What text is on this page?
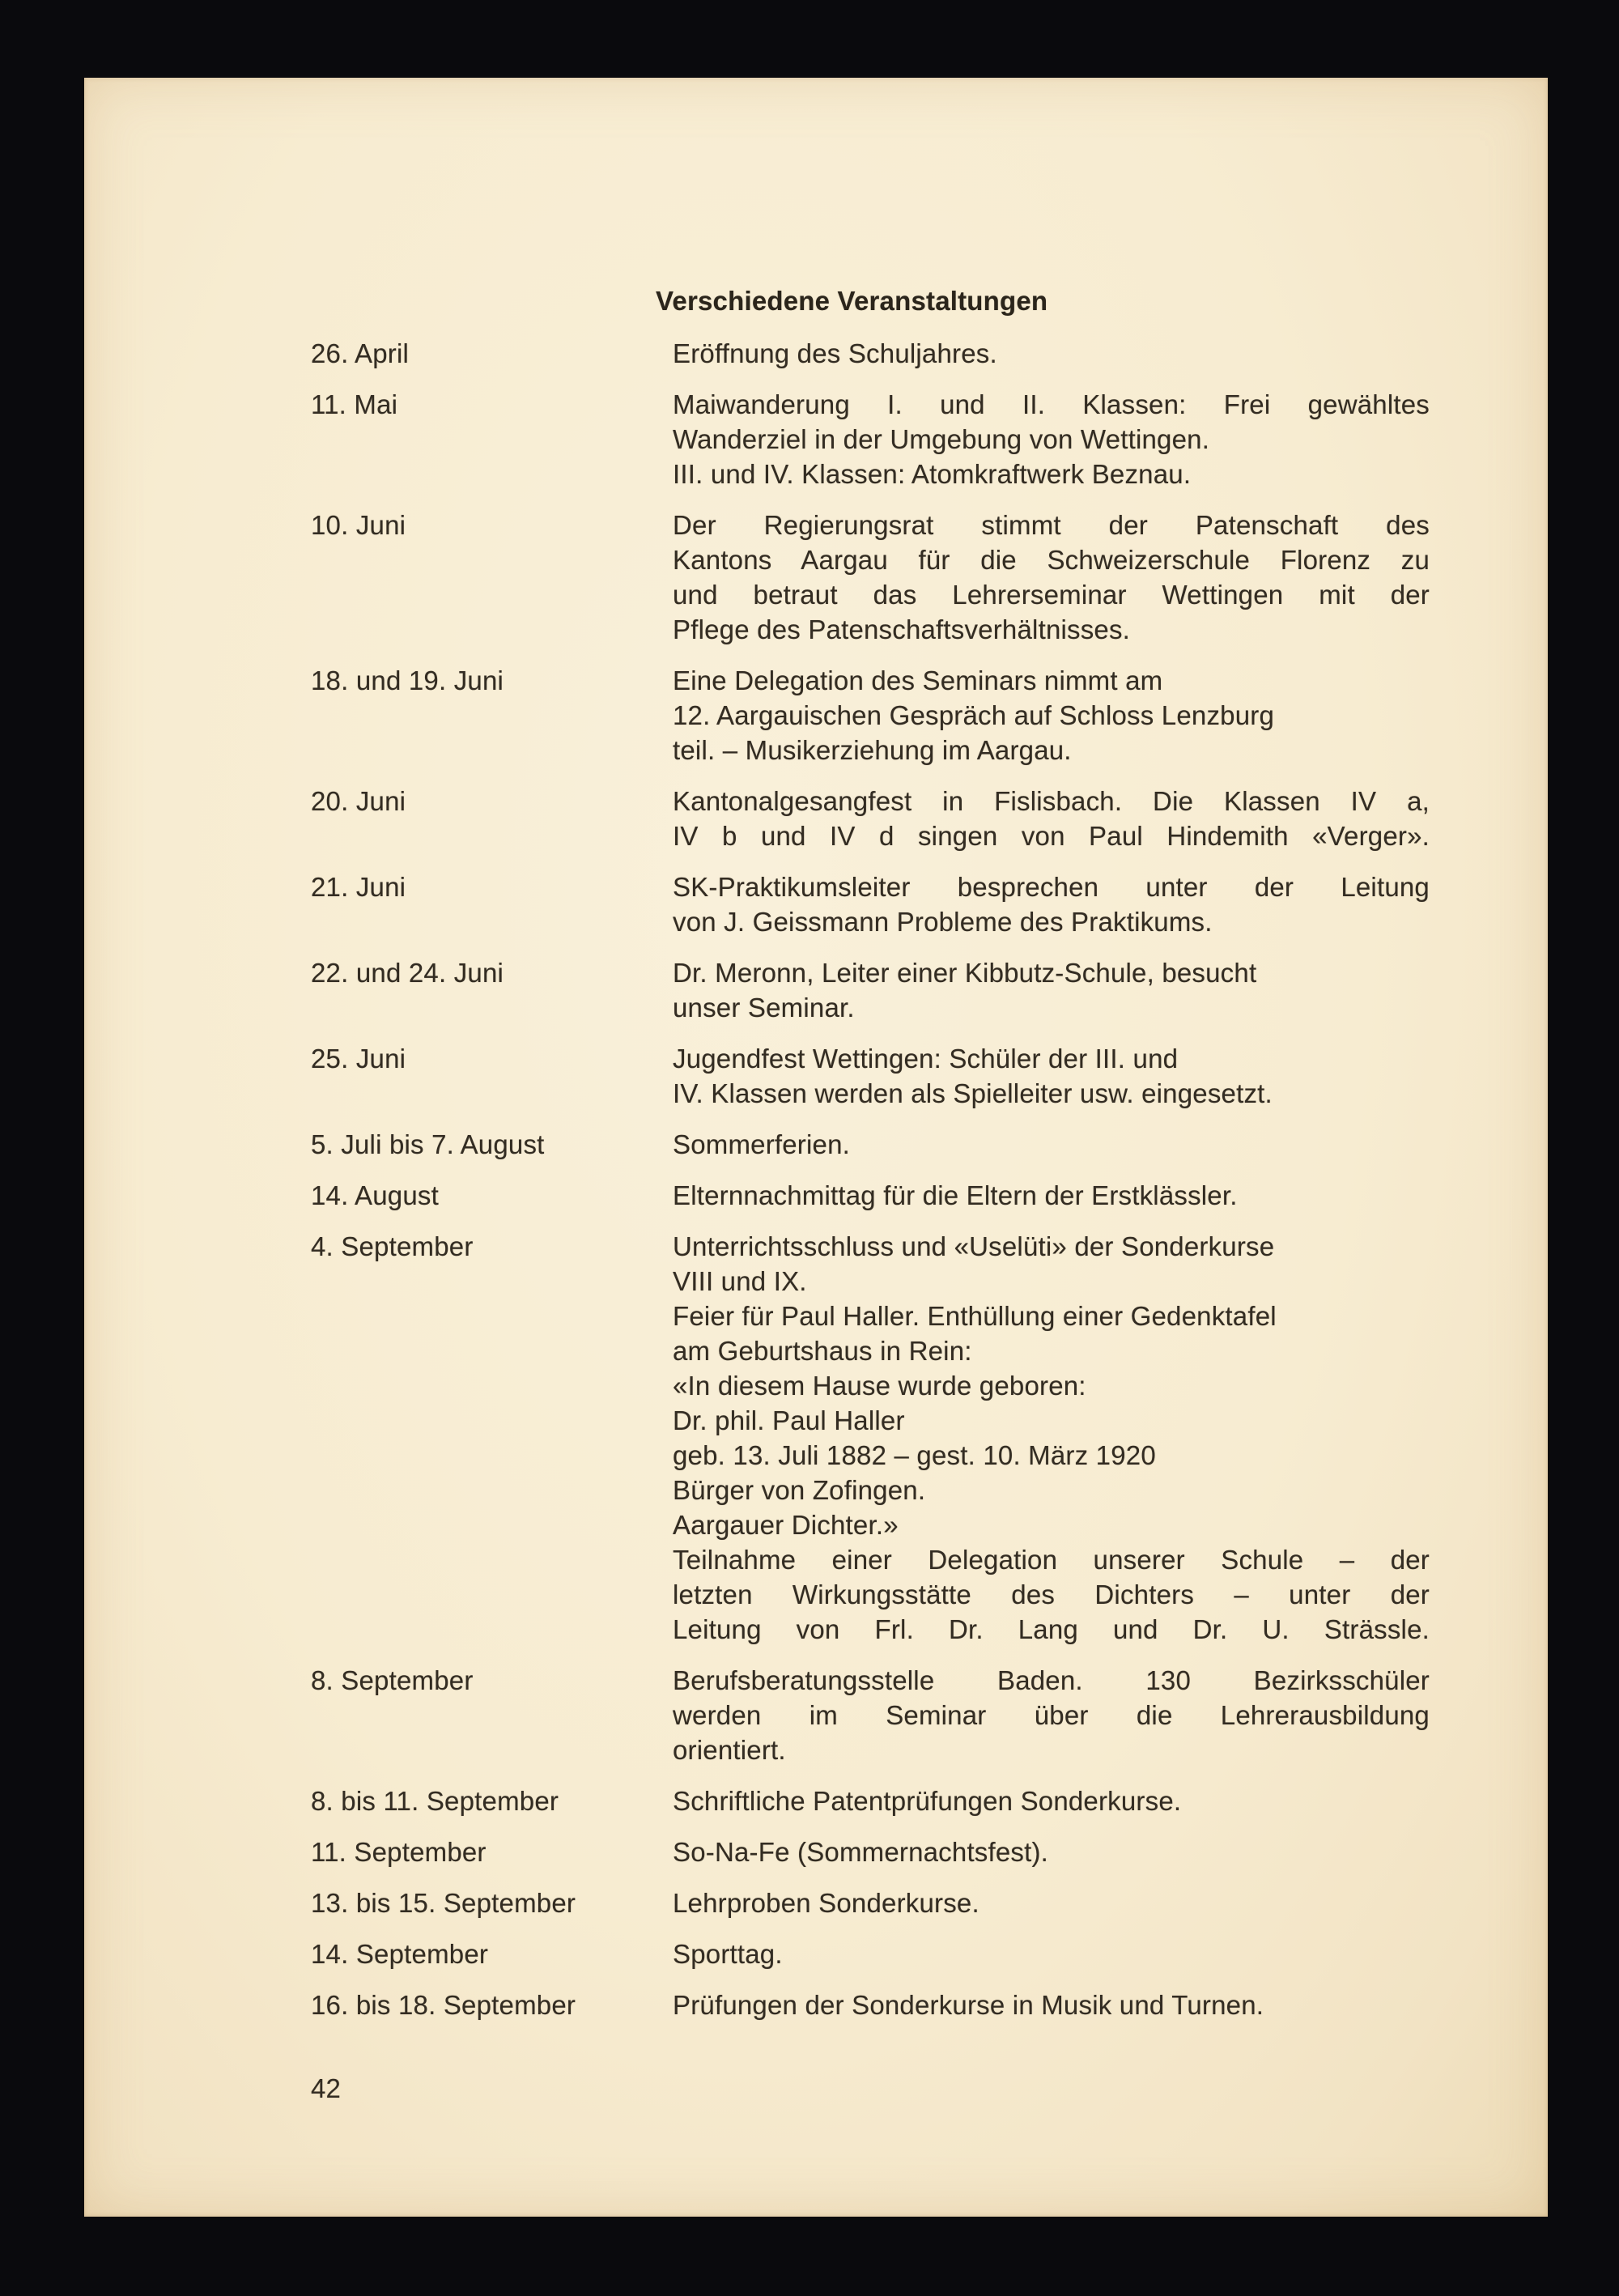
Verschiedene Veranstaltungen
26. April	Eröffnung des Schuljahres.
11. Mai	Maiwanderung I. und II. Klassen: Frei gewähltes
Wanderziel in der Umgebung von Wettingen.
III. und IV. Klassen: Atomkraftwerk Beznau.
10. Juni	Der Regierungsrat stimmt der Patenschaft des
Kantons Aargau für die Schweizerschule Florenz zu
und betraut das Lehrerseminar Wettingen mit der
Pflege des Patenschaftsverhältnisses.
18. und 19. Juni	Eine Delegation des Seminars nimmt am
12. Aargauischen Gespräch auf Schloss Lenzburg
teil. – Musikerziehung im Aargau.
20. Juni	Kantonalgesangfest in Fislisbach. Die Klassen IV a,
IV b und IV d singen von Paul Hindemith «Verger».
21. Juni	SK-Praktikumsleiter besprechen unter der Leitung
von J. Geissmann Probleme des Praktikums.
22. und 24. Juni	Dr. Meronn, Leiter einer Kibbutz-Schule, besucht
unser Seminar.
25. Juni	Jugendfest Wettingen: Schüler der III. und
IV. Klassen werden als Spielleiter usw. eingesetzt.
5. Juli bis 7. August	Sommerferien.
14. August	Elternnachmittag für die Eltern der Erstklässler.
4. September	Unterrichtsschluss und «Uselüti» der Sonderkurse
VIII und IX.
Feier für Paul Haller. Enthüllung einer Gedenktafel
am Geburtshaus in Rein:
«In diesem Hause wurde geboren:
Dr. phil. Paul Haller
geb. 13. Juli 1882 – gest. 10. März 1920
Bürger von Zofingen.
Aargauer Dichter.»
Teilnahme einer Delegation unserer Schule – der
letzten Wirkungsstätte des Dichters – unter der
Leitung von Frl. Dr. Lang und Dr. U. Strässle.
8. September	Berufsberatungsstelle Baden. 130 Bezirksschüler
werden im Seminar über die Lehrerausbildung
orientiert.
8. bis 11. September	Schriftliche Patentprüfungen Sonderkurse.
11. September	So-Na-Fe (Sommernachtsfest).
13. bis 15. September	Lehrproben Sonderkurse.
14. September	Sporttag.
16. bis 18. September	Prüfungen der Sonderkurse in Musik und Turnen.
42
